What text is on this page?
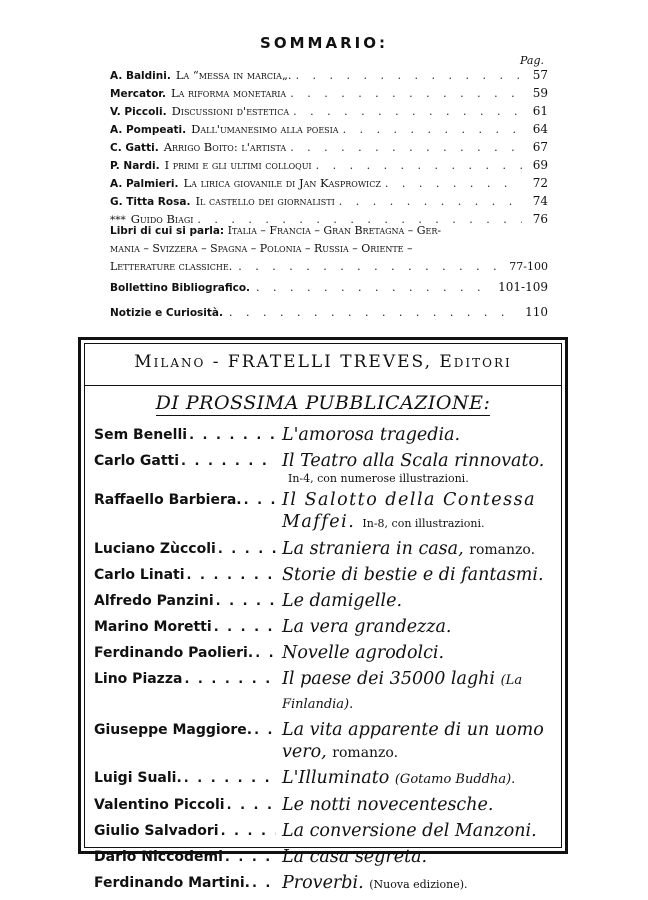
SOMMARIO:
Pag.
A. Baldini. La “messa in marcia„. . . .	57
Mercator. La riforma monetaria . . .	59
V. Piccoli. Discussioni d'estetica . . .	61
A. Pompeati. Dall'umanesimo alla poesia . . .	64
C. Gatti. Arrigo Boito: l'artista . . .	67
P. Nardi. I primi e gli ultimi colloqui . . .	69
A. Palmieri. La lirica giovanile di Jan Kasprowicz . . .	72
G. Titta Rosa. Il castello dei giornalisti . . .	74
*** Guido Biagi . . .	76
Libri di cui si parla: Italia – Francia – Gran Bretagna – Ger-
mania – Svizzera – Spagna – Polonia – Russia – Oriente –
Letterature classiche. . . .	77-100
Bollettino Bibliografico. . . .	101-109
Notizie e Curiosità. . . .	110
Milano - FRATELLI TREVES, Editori
DI PROSSIMA PUBBLICAZIONE:
Sem Benelli . . .	L'amorosa tragedia.
Carlo Gatti . . .	Il Teatro alla Scala rinnovato.
In-4, con numerose illustrazioni.
Raffaello Barbiera. . . . Il Salotto della Contessa Maffei. In-8, con illustrazioni.
Luciano Zùccoli . . .	La straniera in casa, romanzo.
Carlo Linati . . .	Storie di bestie e di fantasmi.
Alfredo Panzini . . .	Le damigelle.
Marino Moretti . . .	La vera grandezza.
Ferdinando Paolieri. . . . Novelle agrodolci.
Lino Piazza . . .	Il paese dei 35000 laghi (La Finlandia).
Giuseppe Maggiore. . . . La vita apparente di un uomo vero, romanzo.
Luigi Suali. . . .	L'Illuminato (Gotamo Buddha).
Valentino Piccoli . . .	Le notti novecentesche.
Giulio Salvadori . . .	La conversione del Manzoni.
Dario Niccodemi . . .	La casa segreta.
Ferdinando Martini. . . . Proverbi. (Nuova edizione).
